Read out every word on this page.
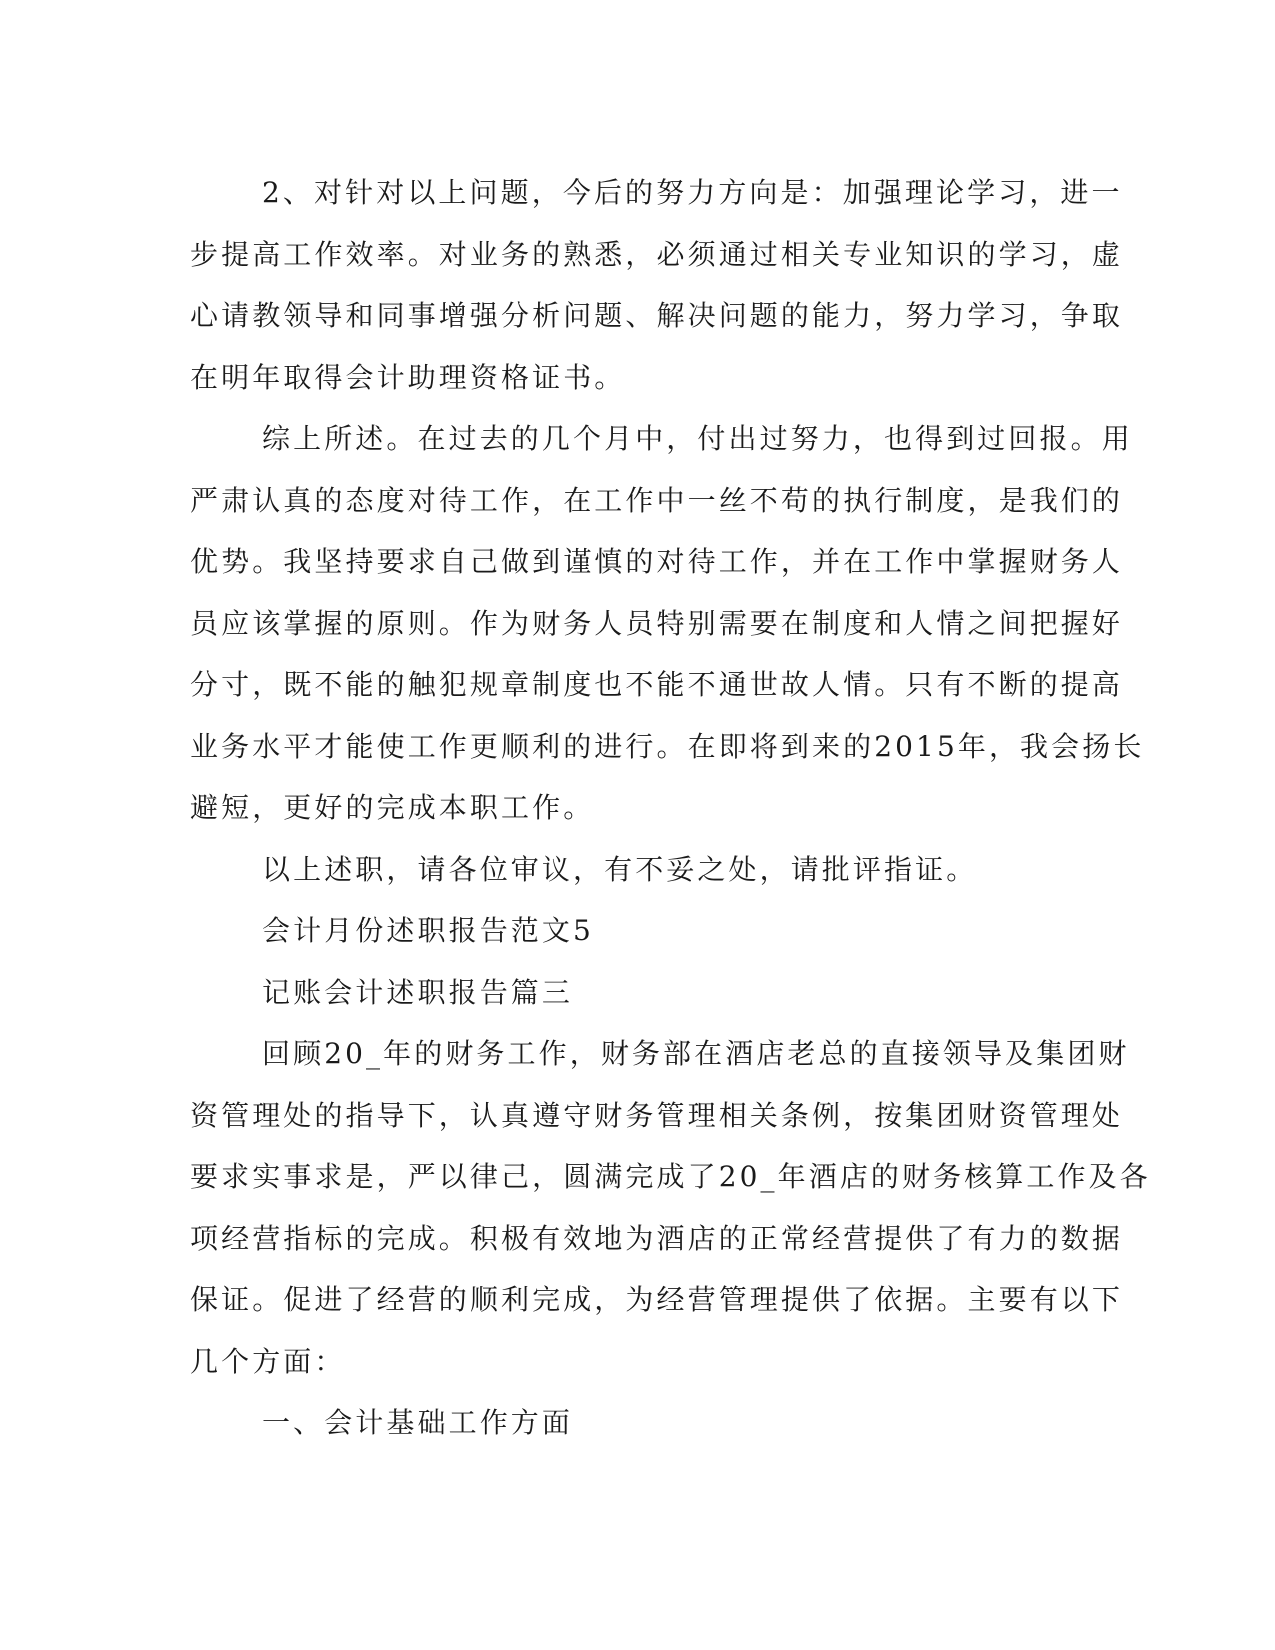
2、对针对以上问题，今后的努力方向是：加强理论学习，进一
步提高工作效率。对业务的熟悉，必须通过相关专业知识的学习，虚
心请教领导和同事增强分析问题、解决问题的能力，努力学习，争取
在明年取得会计助理资格证书。

综上所述。在过去的几个月中，付出过努力，也得到过回报。用
严肃认真的态度对待工作，在工作中一丝不苟的执行制度，是我们的
优势。我坚持要求自己做到谨慎的对待工作，并在工作中掌握财务人
员应该掌握的原则。作为财务人员特别需要在制度和人情之间把握好
分寸，既不能的触犯规章制度也不能不通世故人情。只有不断的提高
业务水平才能使工作更顺利的进行。在即将到来的2015年，我会扬长
避短，更好的完成本职工作。

以上述职，请各位审议，有不妥之处，请批评指证。

会计月份述职报告范文5

记账会计述职报告篇三

回顾20_年的财务工作，财务部在酒店老总的直接领导及集团财
资管理处的指导下，认真遵守财务管理相关条例，按集团财资管理处
要求实事求是，严以律己，圆满完成了20_年酒店的财务核算工作及各
项经营指标的完成。积极有效地为酒店的正常经营提供了有力的数据
保证。促进了经营的顺利完成，为经营管理提供了依据。主要有以下
几个方面：

一、会计基础工作方面
